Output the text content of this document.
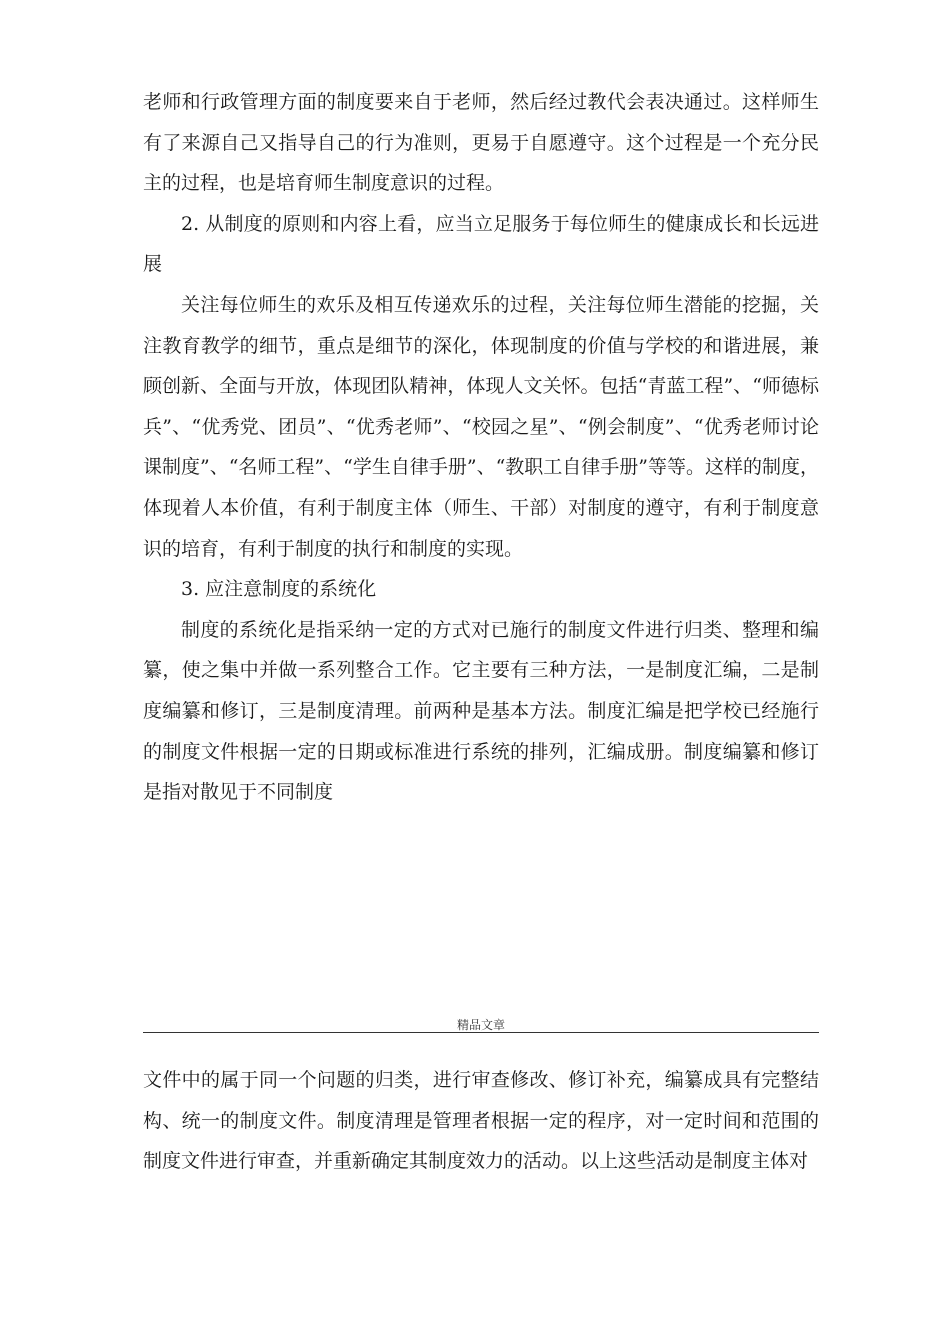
老师和行政管理方面的制度要来自于老师，然后经过教代会表决通过。这样师生有了来源自己又指导自己的行为准则，更易于自愿遵守。这个过程是一个充分民主的过程，也是培育师生制度意识的过程。

2. 从制度的原则和内容上看，应当立足服务于每位师生的健康成长和长远进展

关注每位师生的欢乐及相互传递欢乐的过程，关注每位师生潜能的挖掘，关注教育教学的细节，重点是细节的深化，体现制度的价值与学校的和谐进展，兼顾创新、全面与开放，体现团队精神，体现人文关怀。包括“青蓝工程”、“师德标兵”、“优秀党、团员”、“优秀老师”、“校园之星”、“例会制度”、“优秀老师讨论课制度”、“名师工程”、“学生自律手册”、“教职工自律手册”等等。这样的制度，体现着人本价值，有利于制度主体（师生、干部）对制度的遵守，有利于制度意识的培育，有利于制度的执行和制度的实现。

3. 应注意制度的系统化

制度的系统化是指采纳一定的方式对已施行的制度文件进行归类、整理和编纂，使之集中并做一系列整合工作。它主要有三种方法，一是制度汇编，二是制度编纂和修订，三是制度清理。前两种是基本方法。制度汇编是把学校已经施行的制度文件根据一定的日期或标准进行系统的排列，汇编成册。制度编纂和修订是指对散见于不同制度

精品文章

文件中的属于同一个问题的归类，进行审查修改、修订补充，编纂成具有完整结构、统一的制度文件。制度清理是管理者根据一定的程序，对一定时间和范围的制度文件进行审查，并重新确定其制度效力的活动。以上这些活动是制度主体对
